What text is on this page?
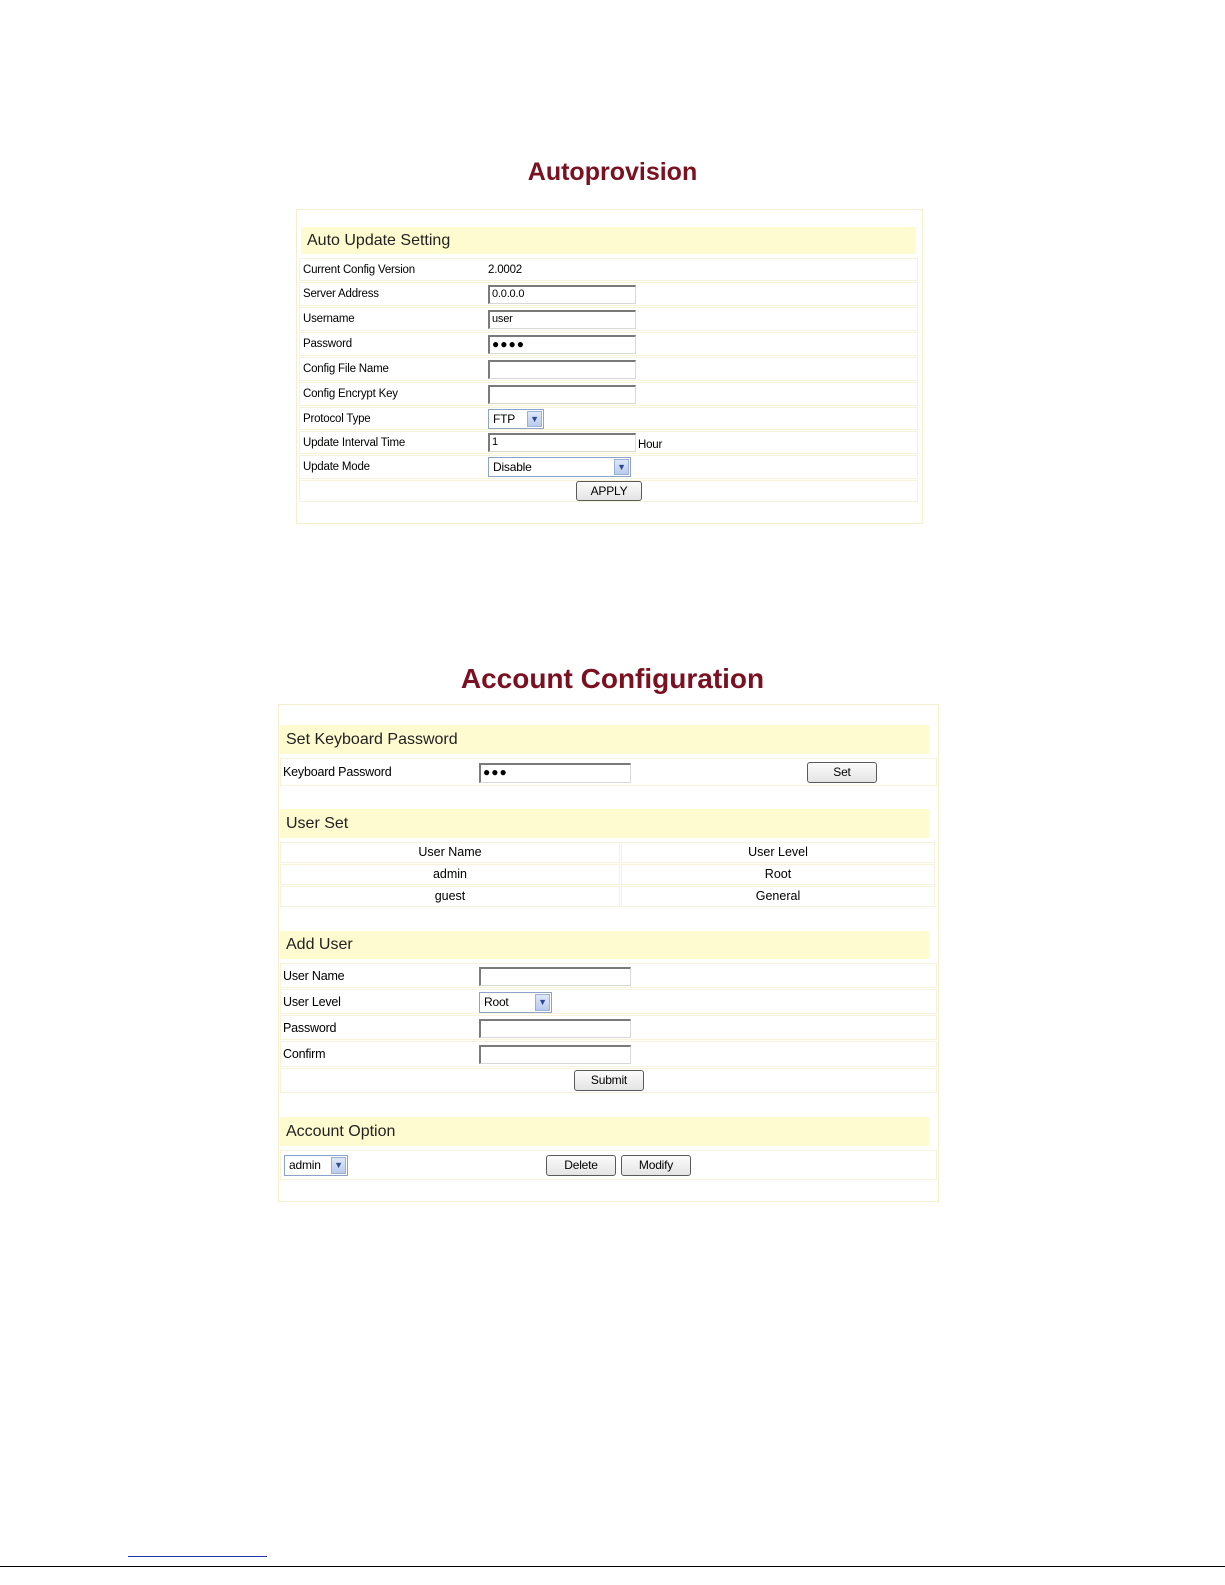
Autoprovision
Auto Update Setting
Current Config Version	2.0002
Server Address	0.0.0.0
Username	user
Password	●●●●
Config File Name
Config Encrypt Key
Protocol Type	FTP	▼
Update Interval Time	1	Hour
Update Mode	Disable	▼
APPLY
Account Configuration
Set Keyboard Password
Keyboard Password	●●●	Set
User Set
User Name	User Level
admin	Root
guest	General
Add User
User Name
User Level	Root	▼
Password
Confirm
Submit
Account Option
admin	▼	Delete	Modify
